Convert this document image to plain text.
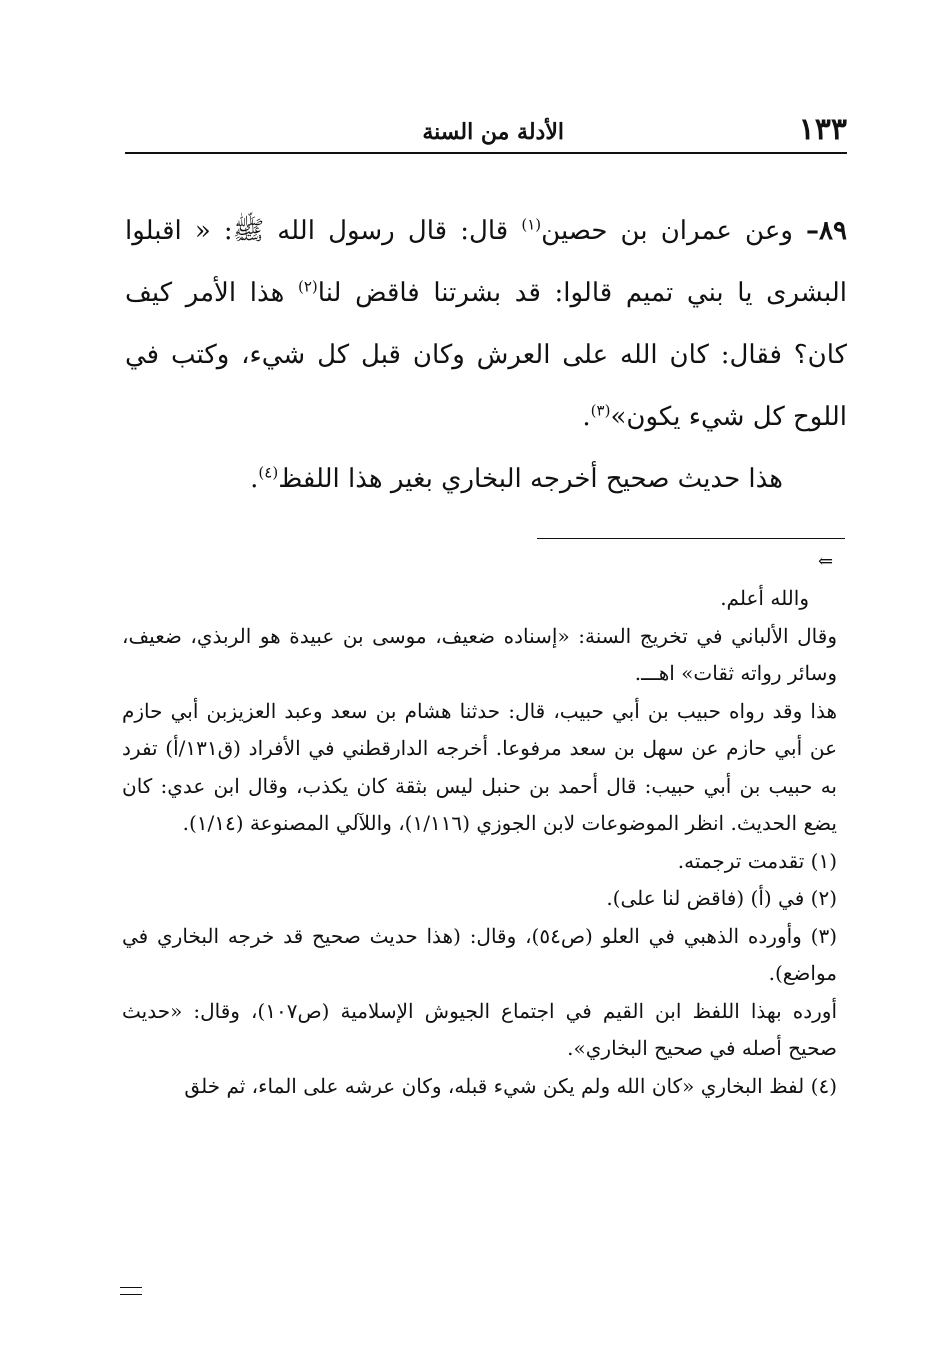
١٣٣
الأدلة من السنة

٨٩– وعن عمران بن حصين$^{(١)}$ قال: قال رسول الله ﷺ: « اقبلوا البشرى يا بني تميم قالوا: قد بشرتنا فاقض لنا$^{(٢)}$ هذا الأمر كيف كان؟ فقال: كان الله على العرش وكان قبل كل شيء، وكتب في اللوح كل شيء يكون»$^{(٣)}$.

هذا حديث صحيح أخرجه البخاري بغير هذا اللفظ$^{(٤)}$.

⇐

والله أعلم.

وقال الألباني في تخريج السنة: «إسناده ضعيف، موسى بن عبيدة هو الربذي، ضعيف، وسائر رواته ثقات» اهـــ.

هذا وقد رواه حبيب بن أبي حبيب، قال: حدثنا هشام بن سعد وعبد العزيزبن أبي حازم عن أبي حازم عن سهل بن سعد مرفوعا. أخرجه الدارقطني في الأفراد (ق١٣١/أ) تفرد به حبيب بن أبي حبيب: قال أحمد بن حنبل ليس بثقة كان يكذب، وقال ابن عدي: كان يضع الحديث. انظر الموضوعات لابن الجوزي (١/١١٦)، واللآلي المصنوعة (١/١٤).

(١) تقدمت ترجمته.

(٢) في (أ) (فاقض لنا على).

(٣) وأورده الذهبي في العلو (ص٥٤)، وقال: (هذا حديث صحيح قد خرجه البخاري في مواضع).

أورده بهذا اللفظ ابن القيم في اجتماع الجيوش الإسلامية (ص١٠٧)، وقال: «حديث صحيح أصله في صحيح البخاري».

(٤) لفظ البخاري «كان الله ولم يكن شيء قبله، وكان عرشه على الماء، ثم خلق
